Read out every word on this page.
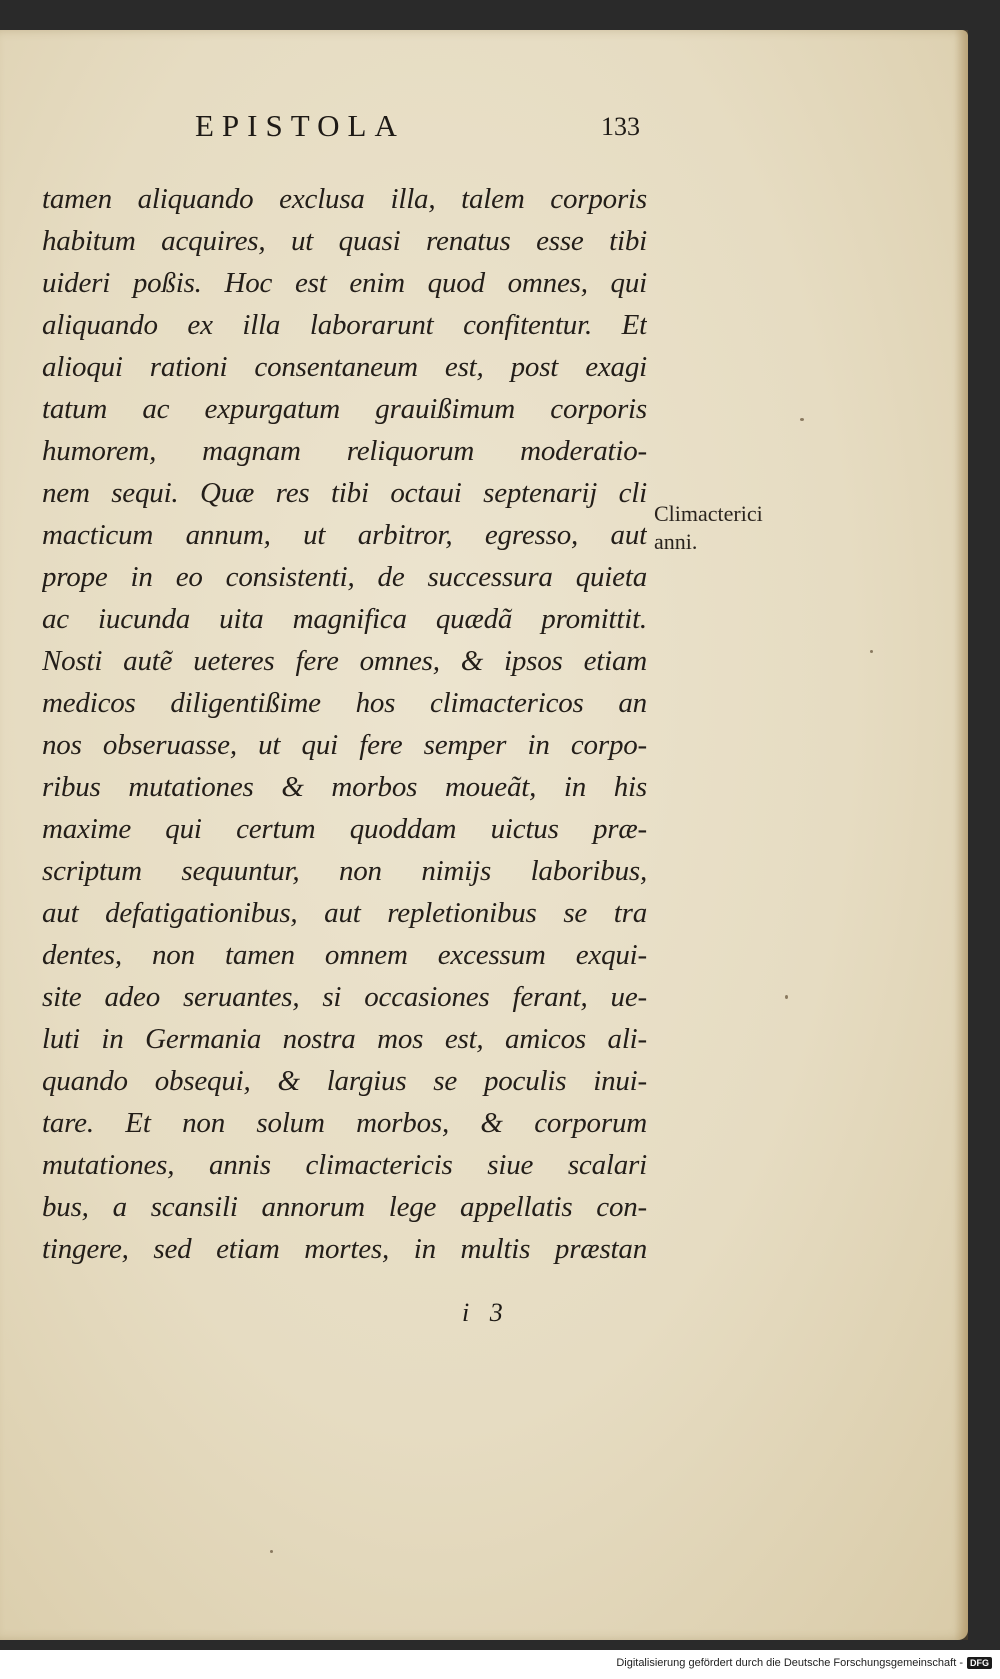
EPISTOLA	133
tamen aliquando exclusa illa, talem corporis
habitum acquires, ut quasi renatus esse tibi
uideri poßis. Hoc est enim quod omnes, qui
aliquando ex illa laborarunt confitentur. Et
alioqui rationi consentaneum est, post exagi
tatum ac expurgatum grauißimum corporis
humorem, magnam reliquorum moderatio-
nem sequi. Quæ res tibi octaui septenarij cli
macticum annum, ut arbitror, egresso, aut
prope in eo consistenti, de successura quieta
ac iucunda uita magnifica quædã promittit.
Nosti autẽ ueteres fere omnes, & ipsos etiam
medicos diligentißime hos climactericos an
nos obseruasse, ut qui fere semper in corpo-
ribus mutationes & morbos moueãt, in his
maxime qui certum quoddam uictus præ-
scriptum sequuntur, non nimijs laboribus,
aut defatigationibus, aut repletionibus se tra
dentes, non tamen omnem excessum exqui-
site adeo seruantes, si occasiones ferant, ue-
luti in Germania nostra mos est, amicos ali-
quando obsequi, & largius se poculis inui-
tare. Et non solum morbos, & corporum
mutationes, annis climactericis siue scalari
bus, a scansili annorum lege appellatis con-
tingere, sed etiam mortes, in multis præstan
Climacterici
anni.
i 3
Digitalisierung gefördert durch die Deutsche Forschungsgemeinschaft - DFG
